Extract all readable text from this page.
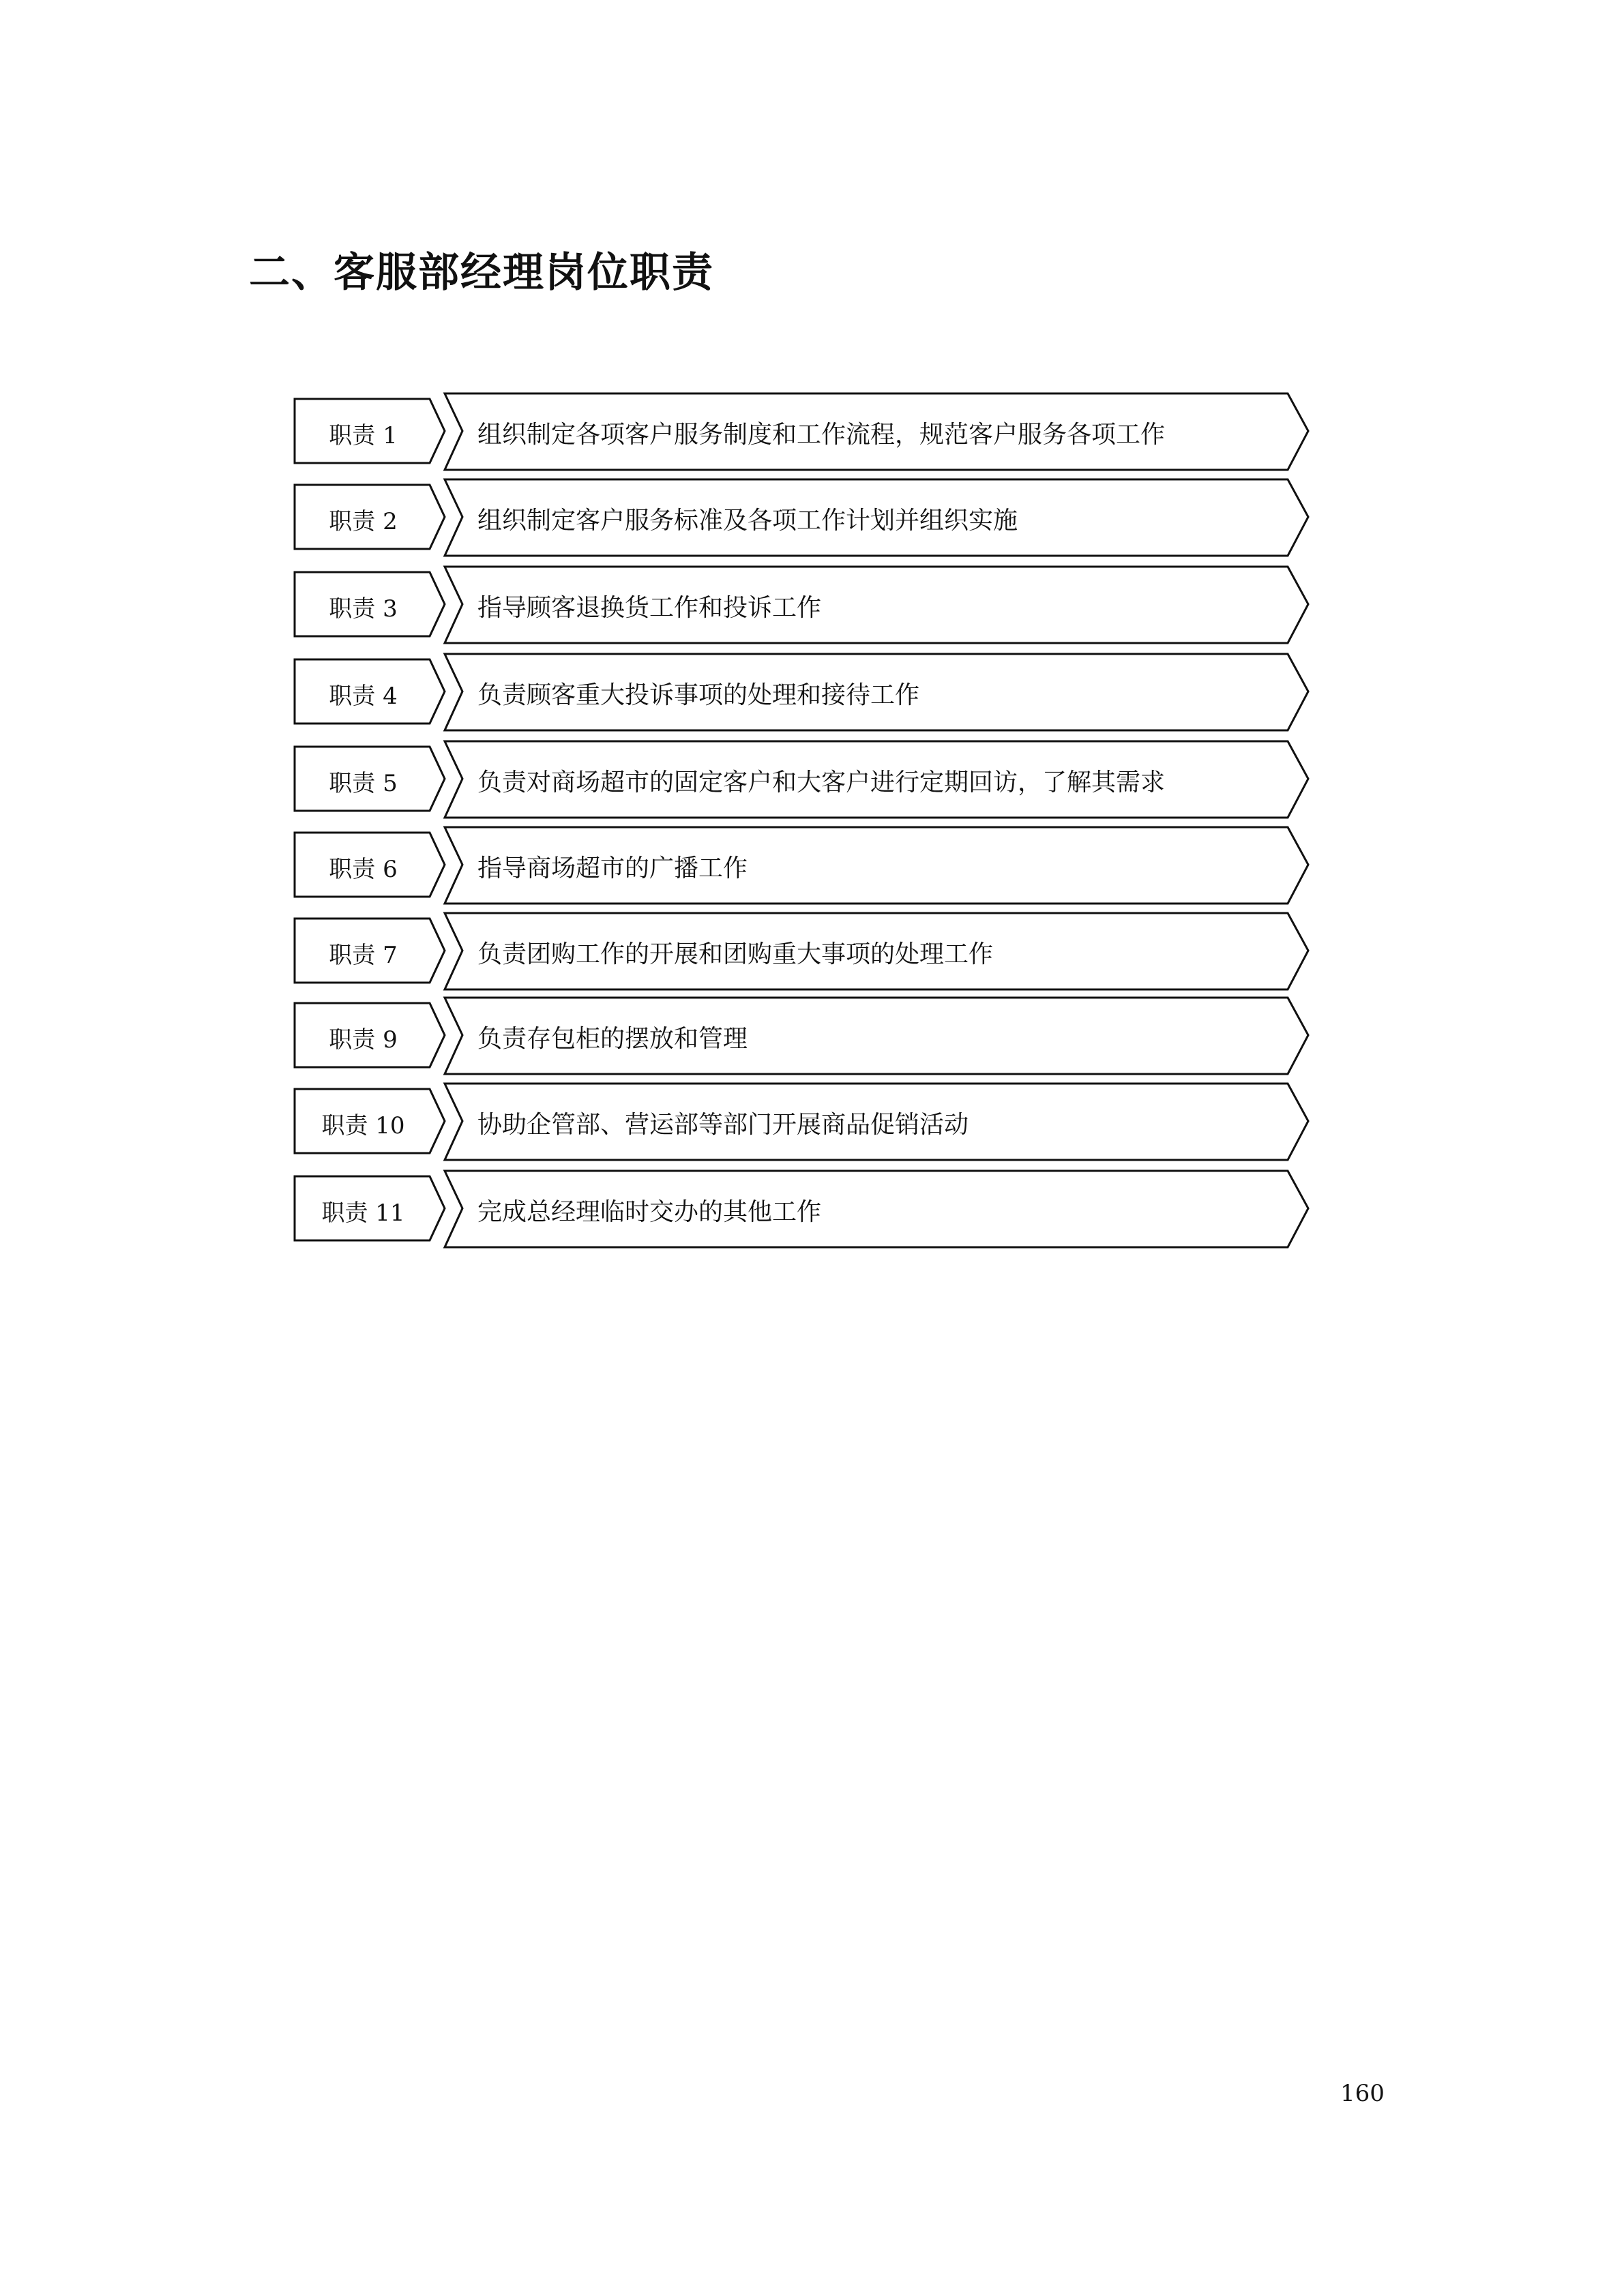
二、客服部经理岗位职责
职责 1	组织制定各项客户服务制度和工作流程，规范客户服务各项工作
职责 2	组织制定客户服务标准及各项工作计划并组织实施
职责 3	指导顾客退换货工作和投诉工作
职责 4	负责顾客重大投诉事项的处理和接待工作
职责 5	负责对商场超市的固定客户和大客户进行定期回访，了解其需求
职责 6	指导商场超市的广播工作
职责 7	负责团购工作的开展和团购重大事项的处理工作
职责 9	负责存包柜的摆放和管理
职责 10	协助企管部、营运部等部门开展商品促销活动
职责 11	完成总经理临时交办的其他工作
160
